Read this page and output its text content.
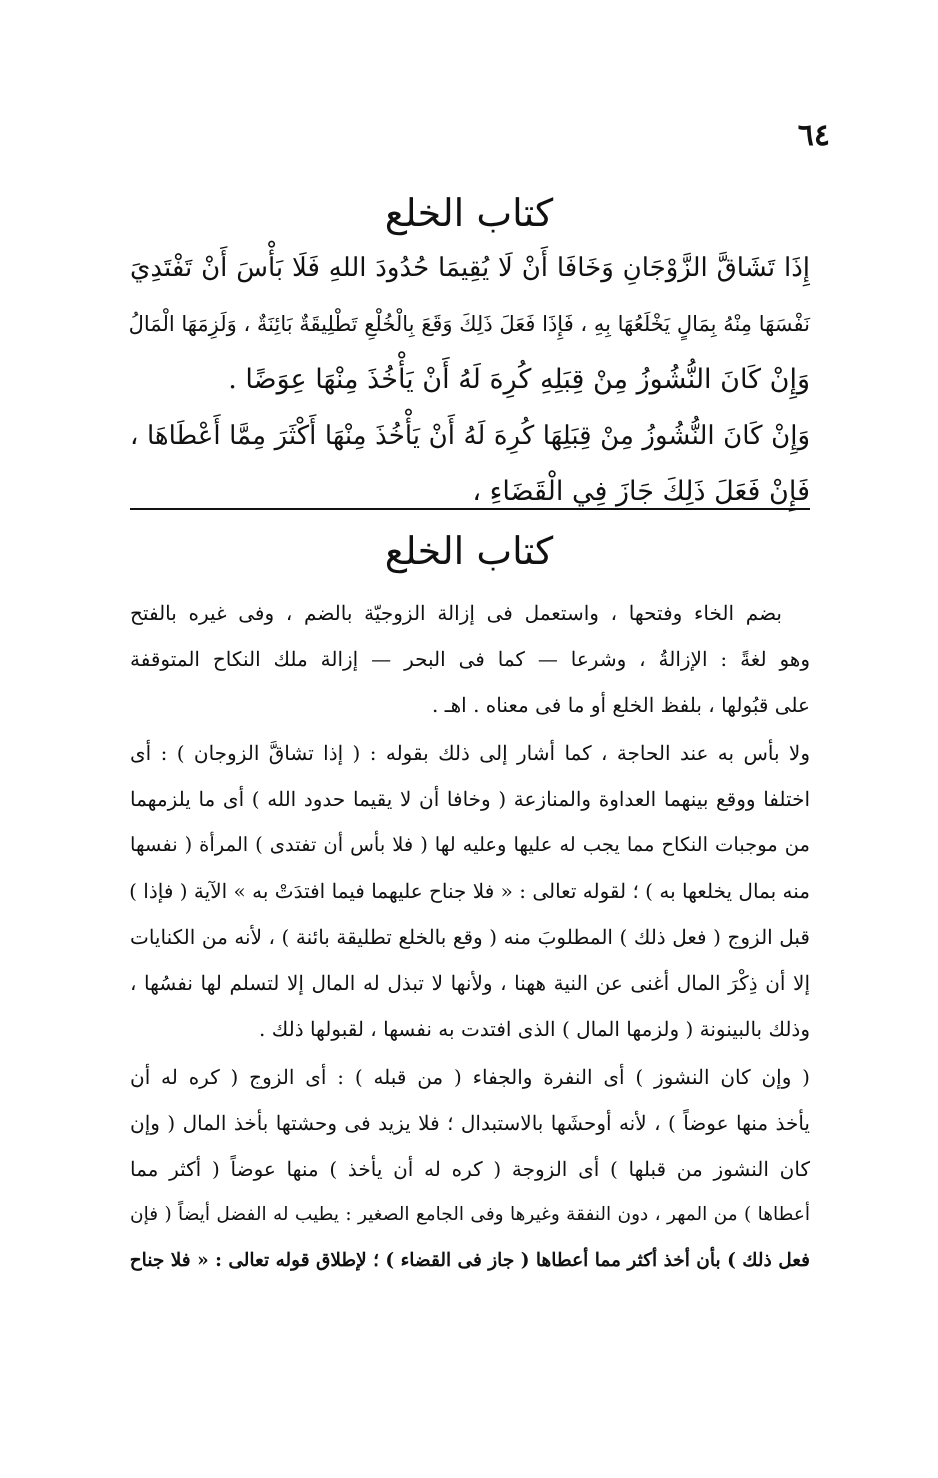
٦٤
كتاب الخلع
إِذَا تَشَاقَّ الزَّوْجَانِ وَخَافَا أَنْ لَا يُقِيمَا حُدُودَ اللهِ فَلَا بَأْسَ أَنْ تَفْتَدِيَ
نَفْسَهَا مِنْهُ بِمَالٍ يَخْلَعُهَا بِهِ ، فَإِذَا فَعَلَ ذَلِكَ وَقَعَ بِالْخُلْعِ تَطْلِيقَةٌ بَائِنَةٌ ، وَلَزِمَهَا الْمَالُ
وَإِنْ كَانَ النُّشُوزُ مِنْ قِبَلِهِ كُرِهَ لَهُ أَنْ يَأْخُذَ مِنْهَا عِوَضًا .
وَإِنْ كَانَ النُّشُوزُ مِنْ قِبَلِهَا كُرِهَ لَهُ أَنْ يَأْخُذَ مِنْهَا أَكْثَرَ مِمَّا أَعْطَاهَا ،
فَإِنْ فَعَلَ ذَلِكَ جَازَ فِي الْقَضَاءِ ،
كتاب الخلع
بضم الخاء وفتحها ، واستعمل فى إزالة الزوجيّة بالضم ، وفى غيره بالفتح
وهو لغةً : الإزالةُ ، وشرعا — كما فى البحر — إزالة ملك النكاح المتوقفة
على قبُولها ، بلفظ الخلع أو ما فى معناه . اهـ .
ولا بأس به عند الحاجة ، كما أشار إلى ذلك بقوله : ( إذا تشاقَّ الزوجان ) : أى
اختلفا ووقع بينهما العداوة والمنازعة ( وخافا أن لا يقيما حدود الله ) أى ما يلزمهما
من موجبات النكاح مما يجب له عليها وعليه لها ( فلا بأس أن تفتدى ) المرأة ( نفسها
منه بمال يخلعها به ) ؛ لقوله تعالى : « فلا جناح عليهما فيما افتدَتْ به » الآية ( فإذا )
قبل الزوج ( فعل ذلك ) المطلوبَ منه ( وقع بالخلع تطليقة بائنة ) ، لأنه من الكنايات
إلا أن ذِكْرَ المال أغنى عن النية ههنا ، ولأنها لا تبذل له المال إلا لتسلم لها نفسُها ،
وذلك بالبينونة ( ولزمها المال ) الذى افتدت به نفسها ، لقبولها ذلك .
( وإن كان النشوز ) أى النفرة والجفاء ( من قبله ) : أى الزوج ( كره له أن
يأخذ منها عوضاً ) ، لأنه أوحشَها بالاستبدال ؛ فلا يزيد فى وحشتها بأخذ المال ( وإن
كان النشوز من قبلها ) أى الزوجة ( كره له أن يأخذ ) منها عوضاً ( أكثر مما
أعطاها ) من المهر ، دون النفقة وغيرها وفى الجامع الصغير : يطيب له الفضل أيضاً ( فإن
فعل ذلك ) بأن أخذ أكثر مما أعطاها ( جاز فى القضاء ) ؛ لإطلاق قوله تعالى : « فلا جناح
